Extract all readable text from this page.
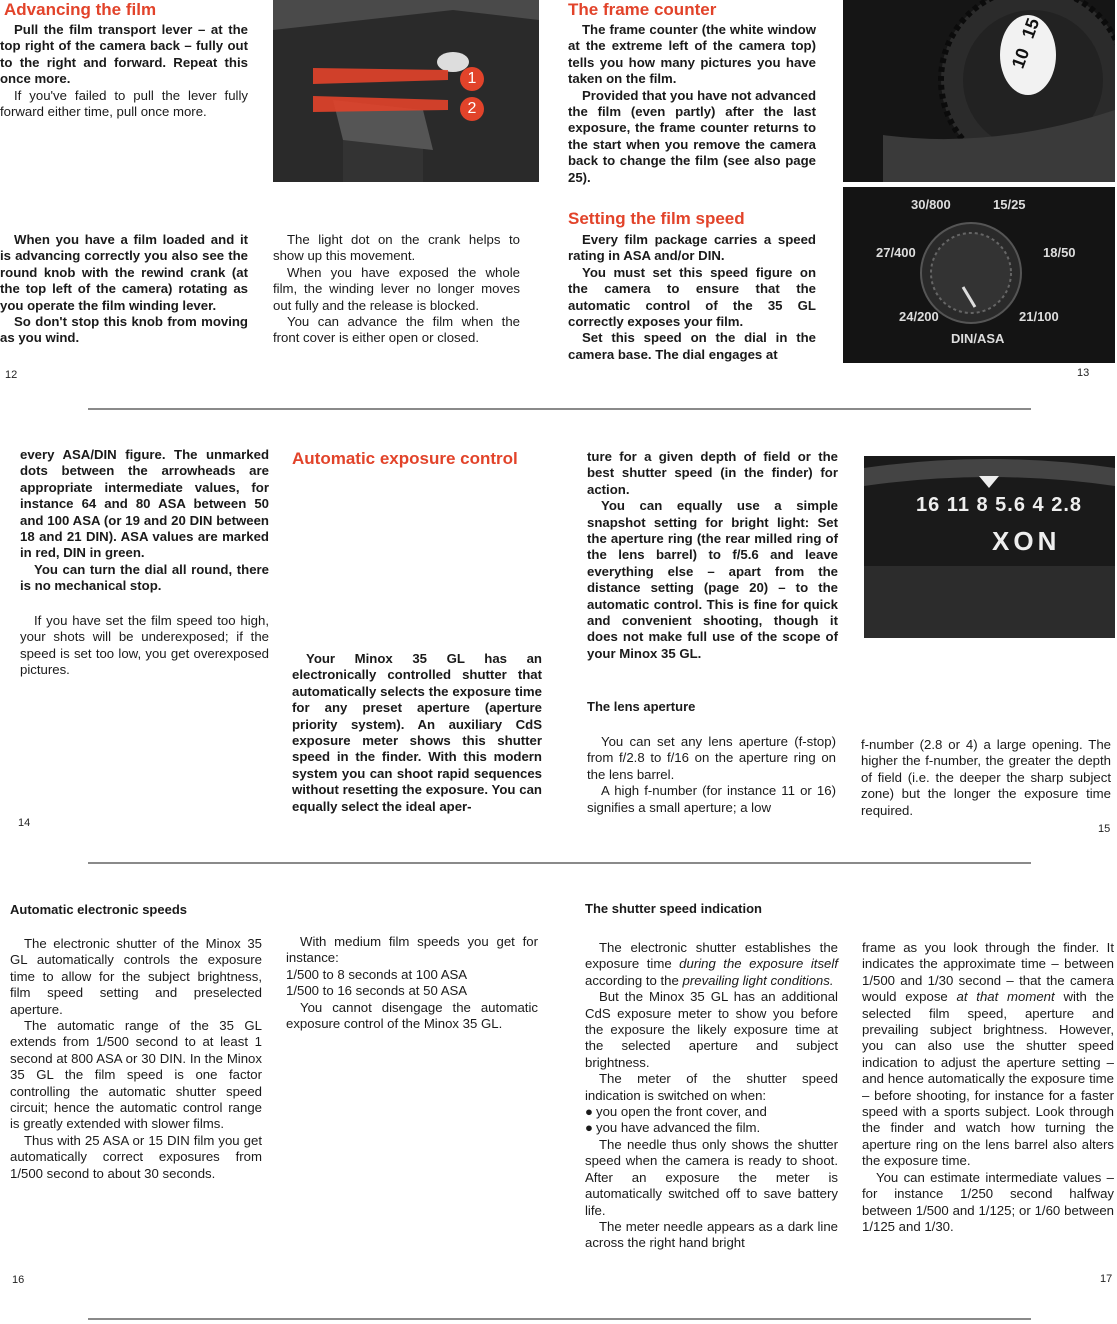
Advancing the film

Pull the film transport lever – at the top right of the camera back – fully out to the right and forward. Repeat this once more.

If you've failed to pull the lever fully forward either time, pull once more.

1
2

When you have a film loaded and it is advancing correctly you also see the round knob with the rewind crank (at the top left of the camera) rotating as you operate the film winding lever.

So don't stop this knob from moving as you wind.

The light dot on the crank helps to show up this movement.

When you have exposed the whole film, the winding lever no longer moves out fully and the release is blocked.

You can advance the film when the front cover is either open or closed.

12
The frame counter

The frame counter (the white window at the extreme left of the camera top) tells you how many pictures you have taken on the film.

Provided that you have not advanced the film (even partly) after the last exposure, the frame counter returns to the start when you remove the camera back to change the film (see also page 25).

10
15
Setting the film speed

Every film package carries a speed rating in ASA and/or DIN.

You must set this speed figure on the camera to ensure that the automatic control of the 35 GL correctly exposes your film.

Set this speed on the dial in the camera base. The dial engages at

30/800	15/25
27/400	18/50
24/200	21/100
DIN/ASA
13

every ASA/DIN figure. The unmarked dots between the arrowheads are appropriate intermediate values, for instance 64 and 80 ASA between 50 and 100 ASA (or 19 and 20 DIN between 18 and 21 DIN). ASA values are marked in red, DIN in green.

You can turn the dial all round, there is no mechanical stop.

If you have set the film speed too high, your shots will be underexposed; if the speed is set too low, you get overexposed pictures.

Automatic exposure control

Your Minox 35 GL has an electronically controlled shutter that automatically selects the exposure time for any preset aperture (aperture priority system). An auxiliary CdS exposure meter shows this shutter speed in the finder. With this modern system you can shoot rapid sequences without resetting the exposure. You can equally select the ideal aper-

14

ture for a given depth of field or the best shutter speed (in the finder) for action.

You can equally use a simple snapshot setting for bright light: Set the aperture ring (the rear milled ring of the lens barrel) to f/5.6 and leave everything else – apart from the distance setting (page 20) – to the automatic control. This is fine for quick and convenient shooting, though it does not make full use of the scope of your Minox 35 GL.

16 11 8 5.6 4 2.8
XON
The lens aperture

You can set any lens aperture (f-stop) from f/2.8 to f/16 on the aperture ring on the lens barrel.

A high f-number (for instance 11 or 16) signifies a small aperture; a low

f-number (2.8 or 4) a large opening. The higher the f-number, the greater the depth of field (i.e. the deeper the sharp subject zone) but the longer the exposure time required.

15
Automatic electronic speeds

The electronic shutter of the Minox 35 GL automatically controls the exposure time to allow for the subject brightness, film speed setting and preselected aperture.

The automatic range of the 35 GL extends from 1/500 second to at least 1 second at 800 ASA or 30 DIN. In the Minox 35 GL the film speed is one factor controlling the automatic shutter speed circuit; hence the automatic control range is greatly extended with slower films.

Thus with 25 ASA or 15 DIN film you get automatically correct exposures from 1/500 second to about 30 seconds.

With medium film speeds you get for instance:

1/500 to 8 seconds at 100 ASA

1/500 to 16 seconds at 50 ASA

You cannot disengage the automatic exposure control of the Minox 35 GL.

16
The shutter speed indication

The electronic shutter establishes the exposure time during the exposure itself according to the prevailing light conditions.

But the Minox 35 GL has an additional CdS exposure meter to show you before the exposure the likely exposure time at the selected aperture and subject brightness.

The meter of the shutter speed indication is switched on when:

● you open the front cover, and

● you have advanced the film.

The needle thus only shows the shutter speed when the camera is ready to shoot. After an exposure the meter is automatically switched off to save battery life.

The meter needle appears as a dark line across the right hand bright

frame as you look through the finder. It indicates the approximate time – between 1/500 and 1/30 second – that the camera would expose at that moment with the selected film speed, aperture and prevailing subject brightness. However, you can also use the shutter speed indication to adjust the aperture setting – and hence automatically the exposure time – before shooting, for instance for a faster speed with a sports subject. Look through the finder and watch how turning the aperture ring on the lens barrel also alters the exposure time.

You can estimate intermediate values – for instance 1/250 second halfway between 1/500 and 1/125; or 1/60 between 1/125 and 1/30.

17
